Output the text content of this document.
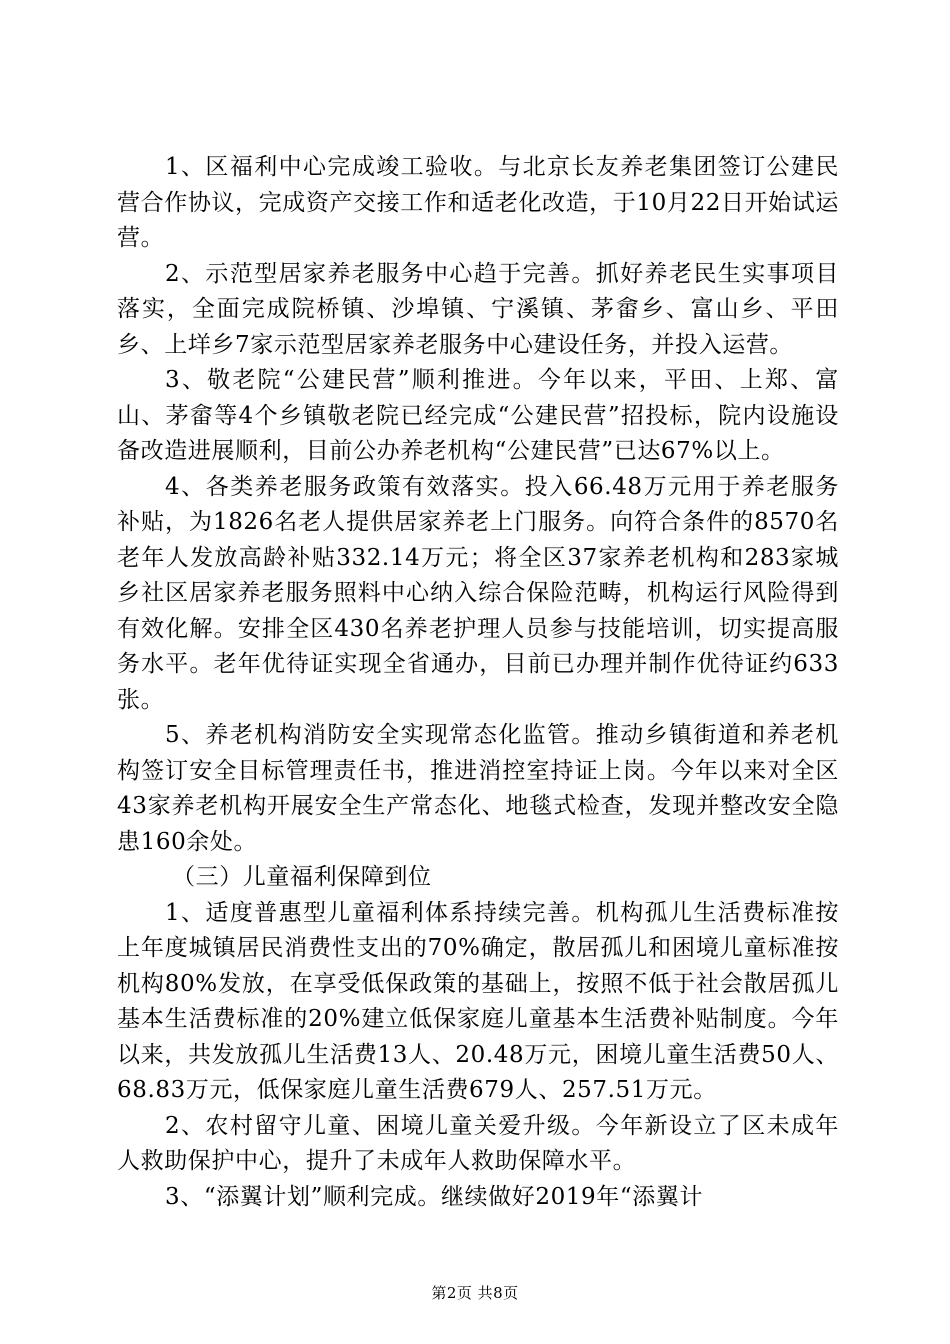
1、区福利中心完成竣工验收。与北京长友养老集团签订公建民营合作协议，完成资产交接工作和适老化改造，于10月22日开始试运营。

2、示范型居家养老服务中心趋于完善。抓好养老民生实事项目落实，全面完成院桥镇、沙埠镇、宁溪镇、茅畲乡、富山乡、平田乡、上垟乡7家示范型居家养老服务中心建设任务，并投入运营。

3、敬老院“公建民营”顺利推进。今年以来，平田、上郑、富山、茅畲等4个乡镇敬老院已经完成“公建民营”招投标，院内设施设备改造进展顺利，目前公办养老机构“公建民营”已达67%以上。

4、各类养老服务政策有效落实。投入66.48万元用于养老服务补贴，为1826名老人提供居家养老上门服务。向符合条件的8570名老年人发放高龄补贴332.14万元；将全区37家养老机构和283家城乡社区居家养老服务照料中心纳入综合保险范畴，机构运行风险得到有效化解。安排全区430名养老护理人员参与技能培训，切实提高服务水平。老年优待证实现全省通办，目前已办理并制作优待证约633张。

5、养老机构消防安全实现常态化监管。推动乡镇街道和养老机构签订安全目标管理责任书，推进消控室持证上岗。今年以来对全区43家养老机构开展安全生产常态化、地毯式检查，发现并整改安全隐患160余处。

（三）儿童福利保障到位

1、适度普惠型儿童福利体系持续完善。机构孤儿生活费标准按上年度城镇居民消费性支出的70%确定，散居孤儿和困境儿童标准按机构80%发放，在享受低保政策的基础上，按照不低于社会散居孤儿基本生活费标准的20%建立低保家庭儿童基本生活费补贴制度。今年以来，共发放孤儿生活费13人、20.48万元，困境儿童生活费50人、68.83万元，低保家庭儿童生活费679人、257.51万元。

2、农村留守儿童、困境儿童关爱升级。今年新设立了区未成年人救助保护中心，提升了未成年人救助保障水平。

3、“添翼计划”顺利完成。继续做好2019年“添翼计

第2页 共8页
